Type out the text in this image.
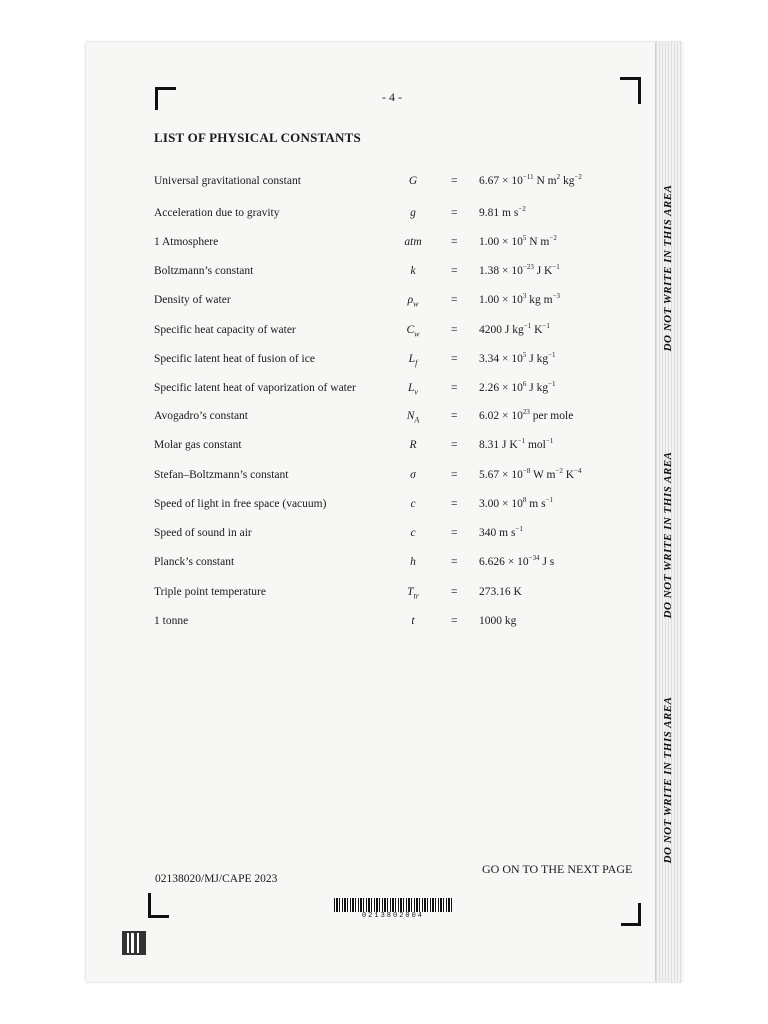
DO NOT WRITE IN THIS AREA
DO NOT WRITE IN THIS AREA
DO NOT WRITE IN THIS AREA
- 4 -
LIST OF PHYSICAL CONSTANTS
Universal gravitational constant	G	= $6.67 \times 10^{-11}$ N $m^2$ $kg^{-2}$
Acceleration due to gravity	g	= 9.81 m $s^{-2}$
1 Atmosphere	atm	= $1.00 \times 10^5$ N $m^{-2}$
Boltzmann’s constant	k	= $1.38 \times 10^{-23}$ J $K^{-1}$
Density of water	$\rho_w$	= $1.00 \times 10^3$ kg $m^{-3}$
Specific heat capacity of water	$C_w$	= 4200 J $kg^{-1}$ $K^{-1}$
Specific latent heat of fusion of ice	$L_f$	= $3.34 \times 10^5$ J $kg^{-1}$
Specific latent heat of vaporization of water	$L_v$	= $2.26 \times 10^6$ J $kg^{-1}$
Avogadro’s constant	$N_A$	= $6.02 \times 10^{23}$ per mole
Molar gas constant	R	= 8.31 J $K^{-1}$ mol$^{-1}$
Stefan–Boltzmann’s constant	σ	= $5.67 \times 10^{-8}$ W $m^{-2}$ $K^{-4}$
Speed of light in free space (vacuum)	c	= $3.00 \times 10^8$ m $s^{-1}$
Speed of sound in air	c	= 340 m $s^{-1}$
Planck’s constant	h	= $6.626 \times 10^{-34}$ J s
Triple point temperature	$T_{tr}$	= 273.16 K
1 tonne	t	= 1000 kg
02138020/MJ/CAPE 2023
GO ON TO THE NEXT PAGE
0213802004
